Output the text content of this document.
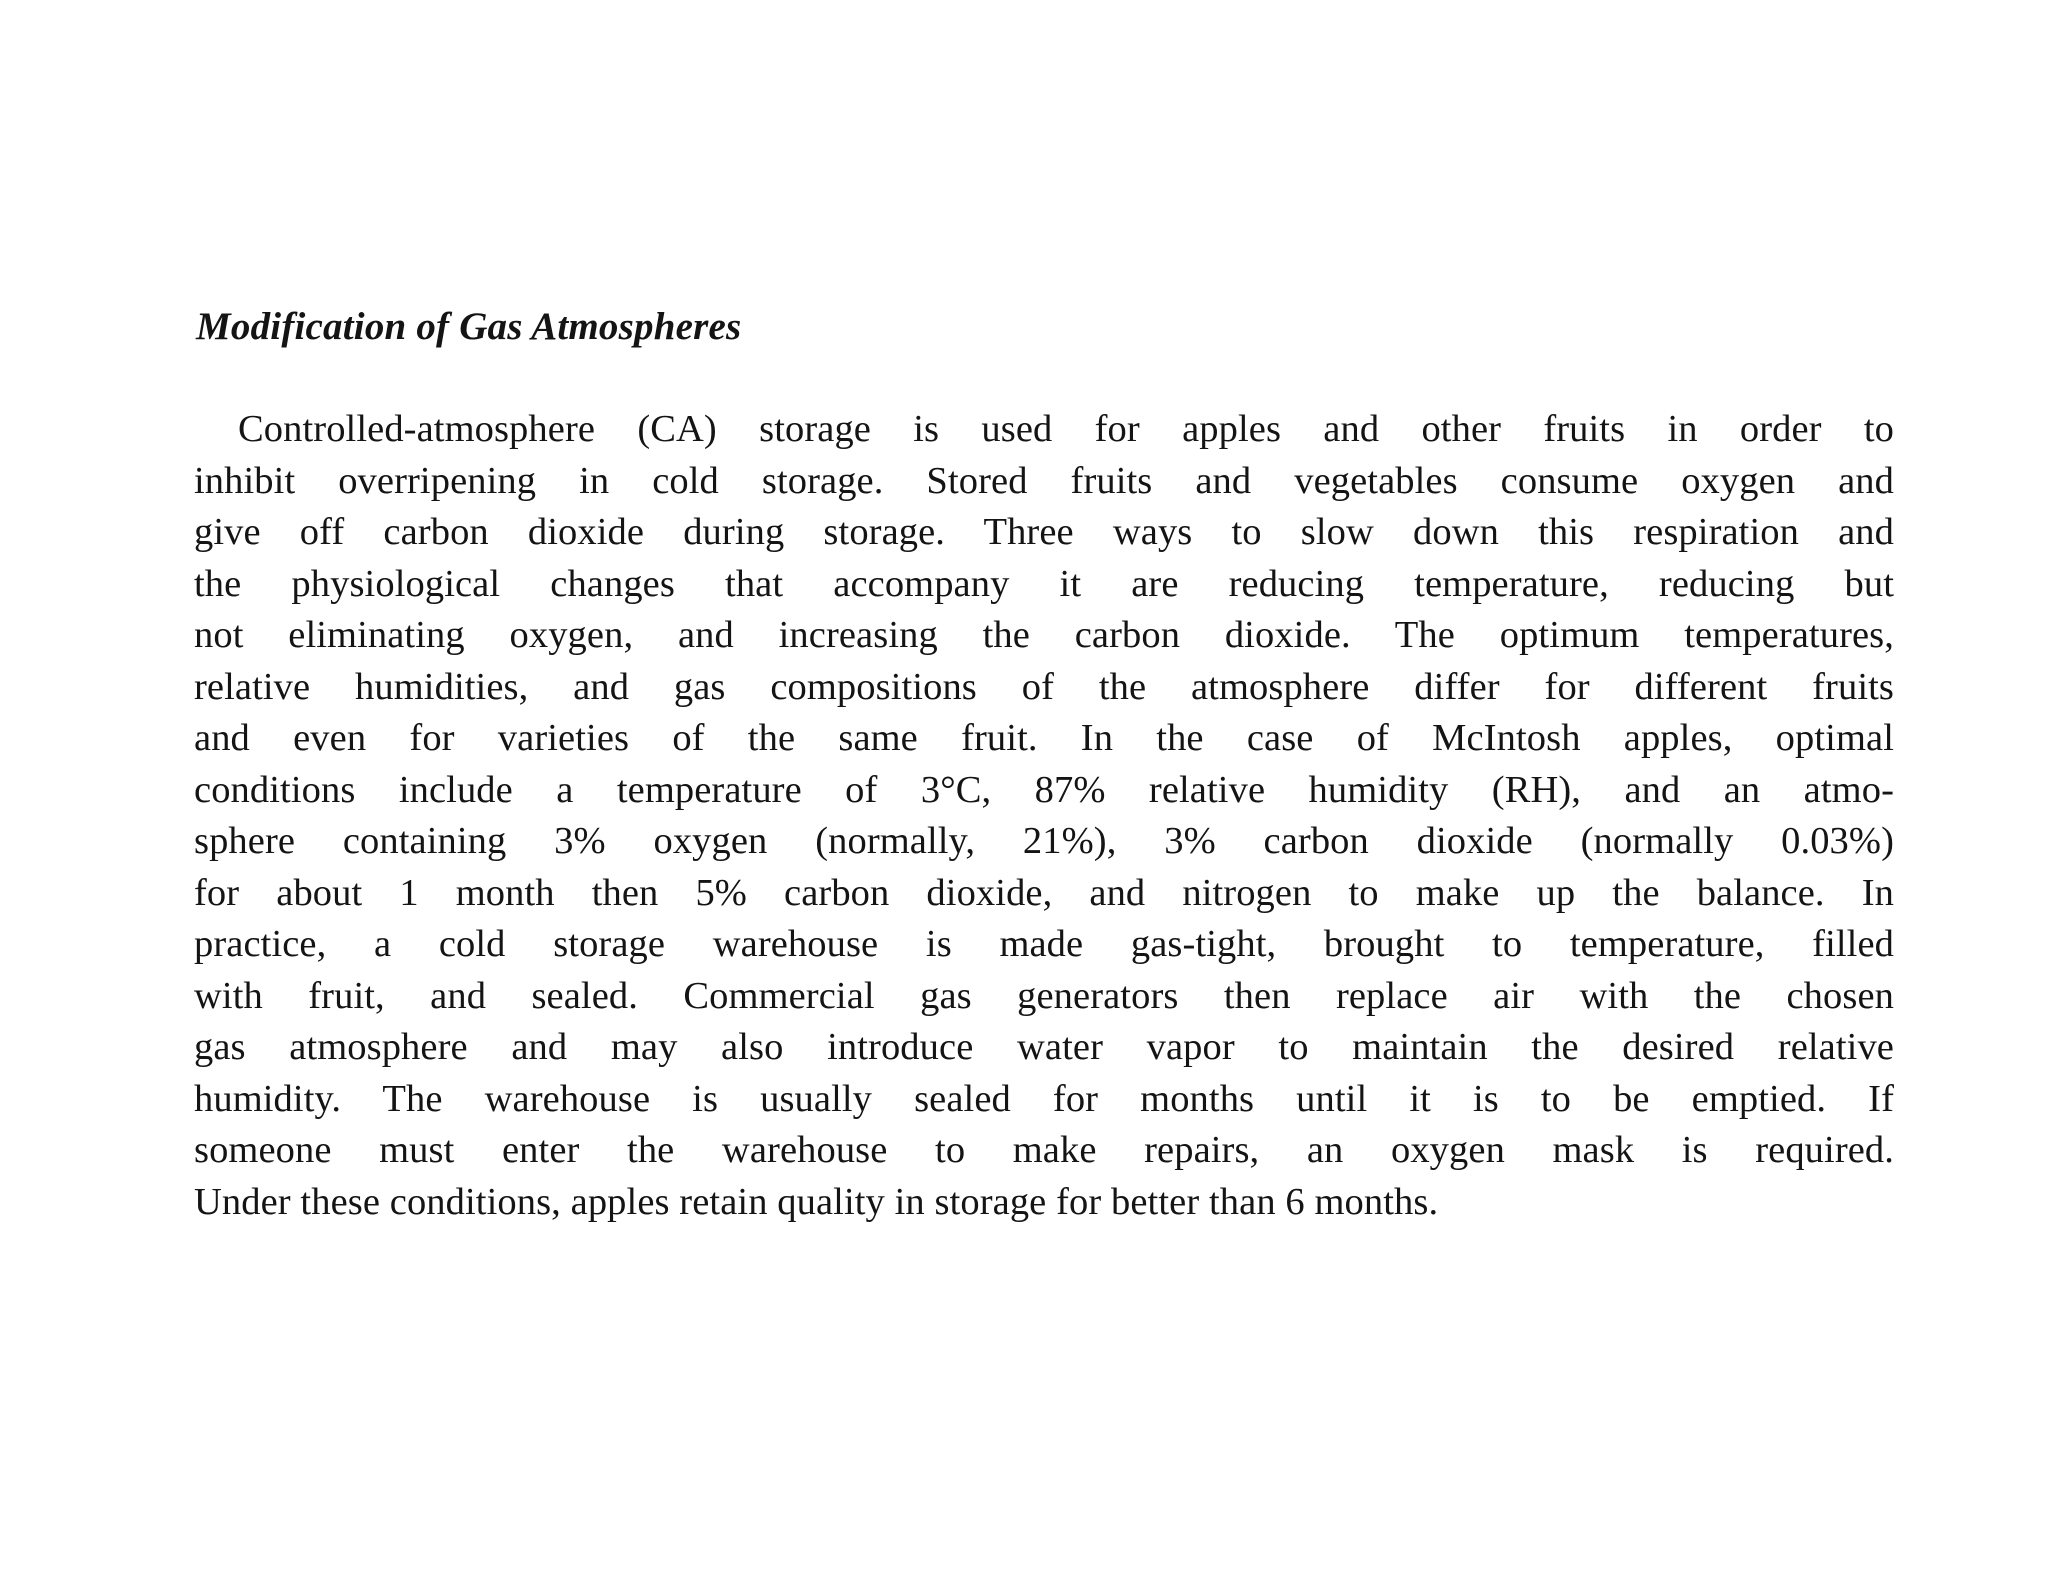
Modification of Gas Atmospheres
Controlled-atmosphere (CA) storage is used for apples and other fruits in order to
inhibit overripening in cold storage. Stored fruits and vegetables consume oxygen and
give off carbon dioxide during storage. Three ways to slow down this respiration and
the physiological changes that accompany it are reducing temperature, reducing but
not eliminating oxygen, and increasing the carbon dioxide. The optimum temperatures,
relative humidities, and gas compositions of the atmosphere differ for different fruits
and even for varieties of the same fruit. In the case of McIntosh apples, optimal
conditions include a temperature of 3°C, 87% relative humidity (RH), and an atmo-
sphere containing 3% oxygen (normally, 21%), 3% carbon dioxide (normally 0.03%)
for about 1 month then 5% carbon dioxide, and nitrogen to make up the balance. In
practice, a cold storage warehouse is made gas-tight, brought to temperature, filled
with fruit, and sealed. Commercial gas generators then replace air with the chosen
gas atmosphere and may also introduce water vapor to maintain the desired relative
humidity. The warehouse is usually sealed for months until it is to be emptied. If
someone must enter the warehouse to make repairs, an oxygen mask is required.
Under these conditions, apples retain quality in storage for better than 6 months.
